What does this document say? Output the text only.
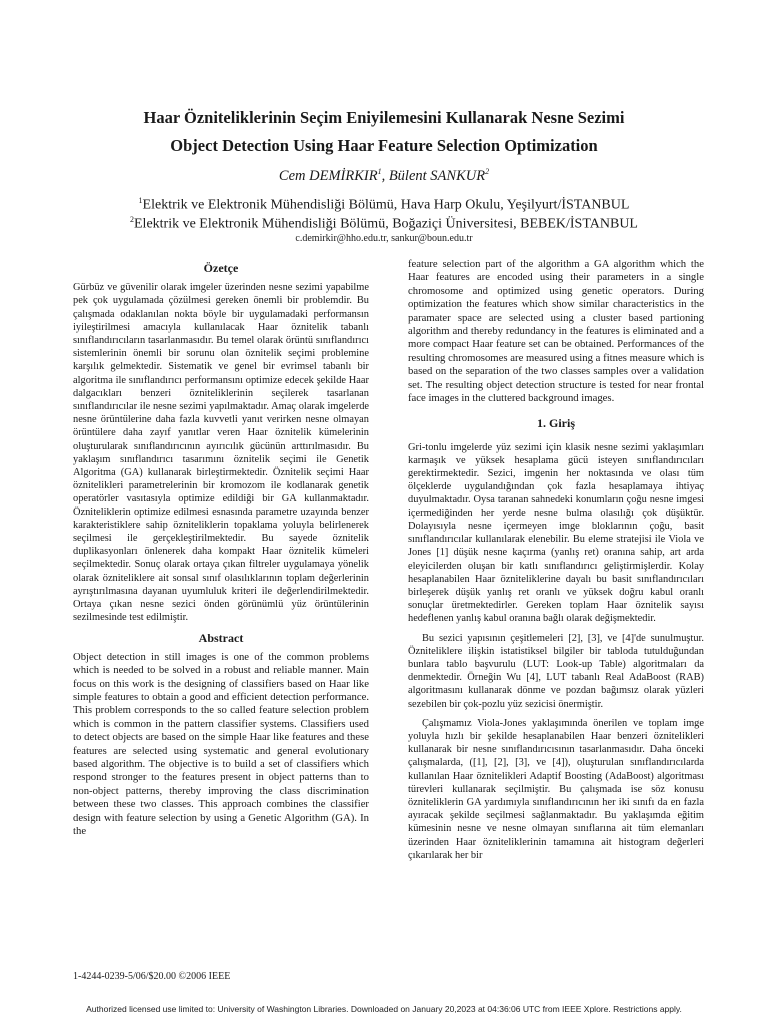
Haar Özniteliklerinin Seçim Eniyilemesini Kullanarak Nesne Sezimi
Object Detection Using Haar Feature Selection Optimization
Cem DEMİRKIR$^1$, Bülent SANKUR$^2$
$^1$Elektrik ve Elektronik Mühendisliği Bölümü, Hava Harp Okulu, Yeşilyurt/İSTANBUL
$^2$Elektrik ve Elektronik Mühendisliği Bölümü, Boğaziçi Üniversitesi, BEBEK/İSTANBUL
c.demirkir@hho.edu.tr, sankur@boun.edu.tr
Özetçe

Gürbüz ve güvenilir olarak imgeler üzerinden nesne sezimi yapabilme pek çok uygulamada çözülmesi gereken önemli bir problemdir. Bu çalışmada odaklanılan nokta böyle bir uygulamadaki performansın iyileştirilmesi amacıyla kullanılacak Haar öznitelik tabanlı sınıflandırıcıların tasarlanmasıdır. Bu temel olarak örüntü sınıflandırıcı sistemlerinin önemli bir sorunu olan öznitelik seçimi problemine karşılık gelmektedir. Sistematik ve genel bir evrimsel tabanlı bir algoritma ile sınıflandırıcı performansını optimize edecek şekilde Haar dalgacıkları benzeri özniteliklerinin seçilerek tasarlanan sınıflandırıcılar ile nesne sezimi yapılmaktadır. Amaç olarak imgelerde nesne örüntülerine daha fazla kuvvetli yanıt verirken nesne olmayan örüntülere daha zayıf yanıtlar veren Haar öznitelik kümelerinin oluşturularak sınıflandırıcının ayırıcılık gücünün arttırılmasıdır. Bu yaklaşım sınıflandırıcı tasarımını öznitelik seçimi ile Genetik Algoritma (GA) kullanarak birleştirmektedir. Öznitelik seçimi Haar öznitelikleri parametrelerinin bir kromozom ile kodlanarak genetik operatörler vasıtasıyla optimize edildiği bir GA kullanmaktadır. Özniteliklerin optimize edilmesi esnasında parametre uzayında benzer karakteristiklere sahip özniteliklerin topaklama yoluyla belirlenerek seçilmesi ile gerçekleştirilmektedir. Bu sayede öznitelik duplikasyonları önlenerek daha kompakt Haar öznitelik kümeleri seçilmektedir. Sonuç olarak ortaya çıkan filtreler uygulamaya yönelik olarak özniteliklere ait sonsal sınıf olasılıklarının toplam değerlerinin ayrıştırılmasına dayanan uyumluluk kriteri ile değerlendirilmektedir. Ortaya çıkan nesne sezici önden görünümlü yüz örüntülerinin sezilmesinde test edilmiştir.

Abstract

Object detection in still images is one of the common problems which is needed to be solved in a robust and reliable manner. Main focus on this work is the designing of classifiers based on Haar like simple features to obtain a good and efficient detection performance. This problem corresponds to the so called feature selection problem which is common in the pattern classifier systems. Classifiers used to detect objects are based on the simple Haar like features and these features are selected using systematic and general evolutionary based algorithm. The objective is to build a set of classifiers which respond stronger to the features present in object patterns than to non-object patterns, thereby improving the class discrimination between these two classes. This approach combines the classifier design with feature selection by using a Genetic Algorithm (GA). In the

feature selection part of the algorithm a GA algorithm which the Haar features are encoded using their parameters in a single chromosome and optimized using genetic operators. During optimization the features which show similar characteristics in the paramater space are selected using a cluster based partioning algorithm and thereby redundancy in the features is eliminated and a more compact Haar feature set can be obtained. Performances of the resulting chromosomes are measured using a fitnes measure which is based on the separation of the two classes samples over a validation set. The resulting object detection structure is tested for near frontal face images in the cluttered background images.

1. Giriş

Gri-tonlu imgelerde yüz sezimi için klasik nesne sezimi yaklaşımları karmaşık ve yüksek hesaplama gücü isteyen sınıflandırıcıları gerektirmektedir. Sezici, imgenin her noktasında ve olası tüm ölçeklerde uygulandığından çok fazla hesaplamaya ihtiyaç duyulmaktadır. Oysa taranan sahnedeki konumların çoğu nesne imgesi içermediğinden her yerde nesne bulma olasılığı çok düşüktür. Dolayısıyla nesne içermeyen imge bloklarının çoğu, basit sınıflandırıcılar kullanılarak elenebilir. Bu eleme stratejisi ile Viola ve Jones [1] düşük nesne kaçırma (yanlış ret) oranına sahip, art arda eleyicilerden oluşan bir katlı sınıflandırıcı geliştirmişlerdir. Kolay hesaplanabilen Haar özniteliklerine dayalı bu basit sınıflandırıcıları birleşerek düşük yanlış ret oranlı ve yüksek doğru kabul oranlı sonuçlar üretmektedirler. Gereken toplam Haar öznitelik sayısı hedeflenen yanlış kabul oranına bağlı olarak değişmektedir.

Bu sezici yapısının çeşitlemeleri [2], [3], ve [4]'de sunulmuştur. Özniteliklere ilişkin istatistiksel bilgiler bir tabloda tutulduğundan bunlara tablo başvurulu (LUT: Look-up Table) algoritmaları da denmektedir. Örneğin Wu [4], LUT tabanlı Real AdaBoost (RAB) algoritmasını kullanarak dönme ve pozdan bağımsız olarak yüzleri sezebilen bir çok-pozlu yüz sezicisi önermiştir.

Çalışmamız Viola-Jones yaklaşımında önerilen ve toplam imge yoluyla hızlı bir şekilde hesaplanabilen Haar benzeri öznitelikleri kullanarak bir nesne sınıflandırıcısının tasarlanmasıdır. Daha önceki çalışmalarda, ([1], [2], [3], ve [4]), oluşturulan sınıflandırıcılarda kullanılan Haar öznitelikleri Adaptif Boosting (AdaBoost) algoritması türevleri kullanarak seçilmiştir. Bu çalışmada ise söz konusu özniteliklerin GA yardımıyla sınıflandırıcının her iki sınıfı da en fazla ayıracak şekilde seçilmesi sağlanmaktadır. Bu yaklaşımda eğitim kümesinin nesne ve nesne olmayan sınıflarına ait tüm elemanları üzerinden Haar özniteliklerinin tamamına ait histogram değerleri çıkarılarak her bir

1-4244-0239-5/06/$20.00 ©2006 IEEE
Authorized licensed use limited to: University of Washington Libraries. Downloaded on January 20,2023 at 04:36:06 UTC from IEEE Xplore. Restrictions apply.
